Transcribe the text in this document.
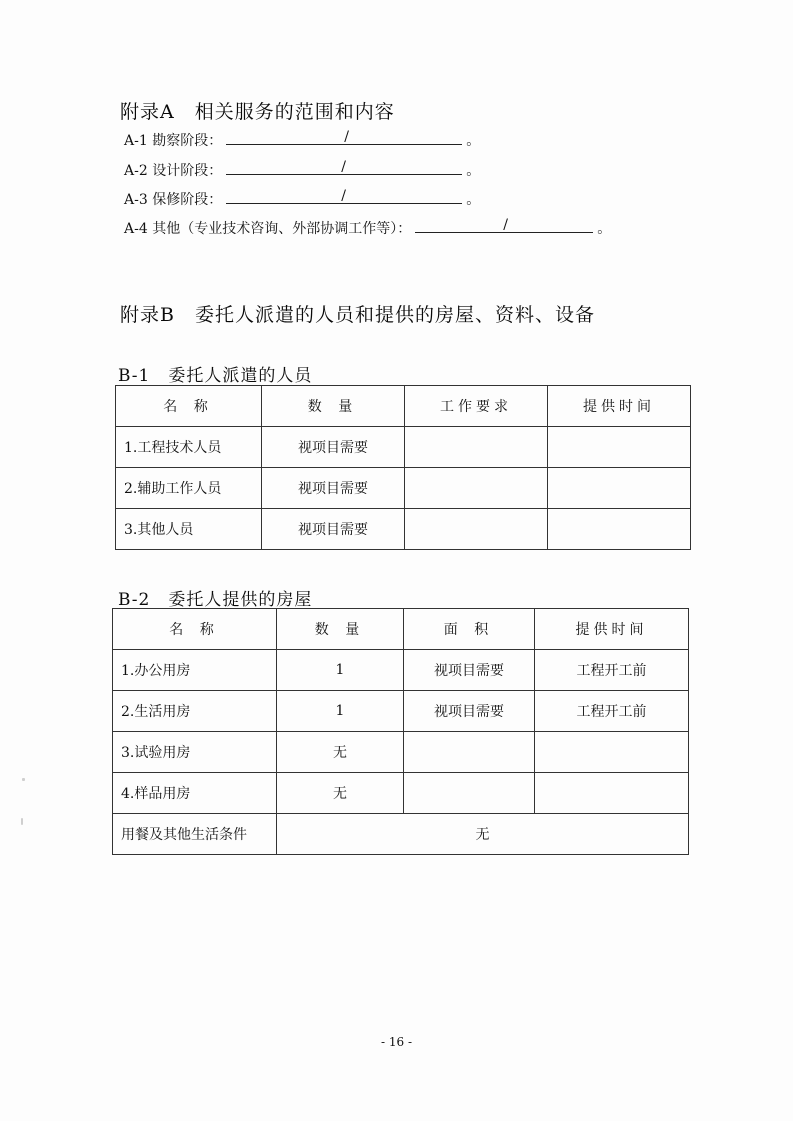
附录A　相关服务的范围和内容
A-1 勘察阶段：	/	。
A-2 设计阶段：	/	。
A-3 保修阶段：	/	。
A-4 其他（专业技术咨询、外部协调工作等）：	/	。
附录B　委托人派遣的人员和提供的房屋、资料、设备
B-1　委托人派遣的人员
名 称	数 量	工作要求	提供时间
1.工程技术人员	视项目需要		
2.辅助工作人员	视项目需要		
3.其他人员	视项目需要		
B-2　委托人提供的房屋
名 称	数 量	面 积	提供时间
1.办公用房	1	视项目需要	工程开工前
2.生活用房	1	视项目需要	工程开工前
3.试验用房	无		
4.样品用房	无		
用餐及其他生活条件	无		
- 16 -
